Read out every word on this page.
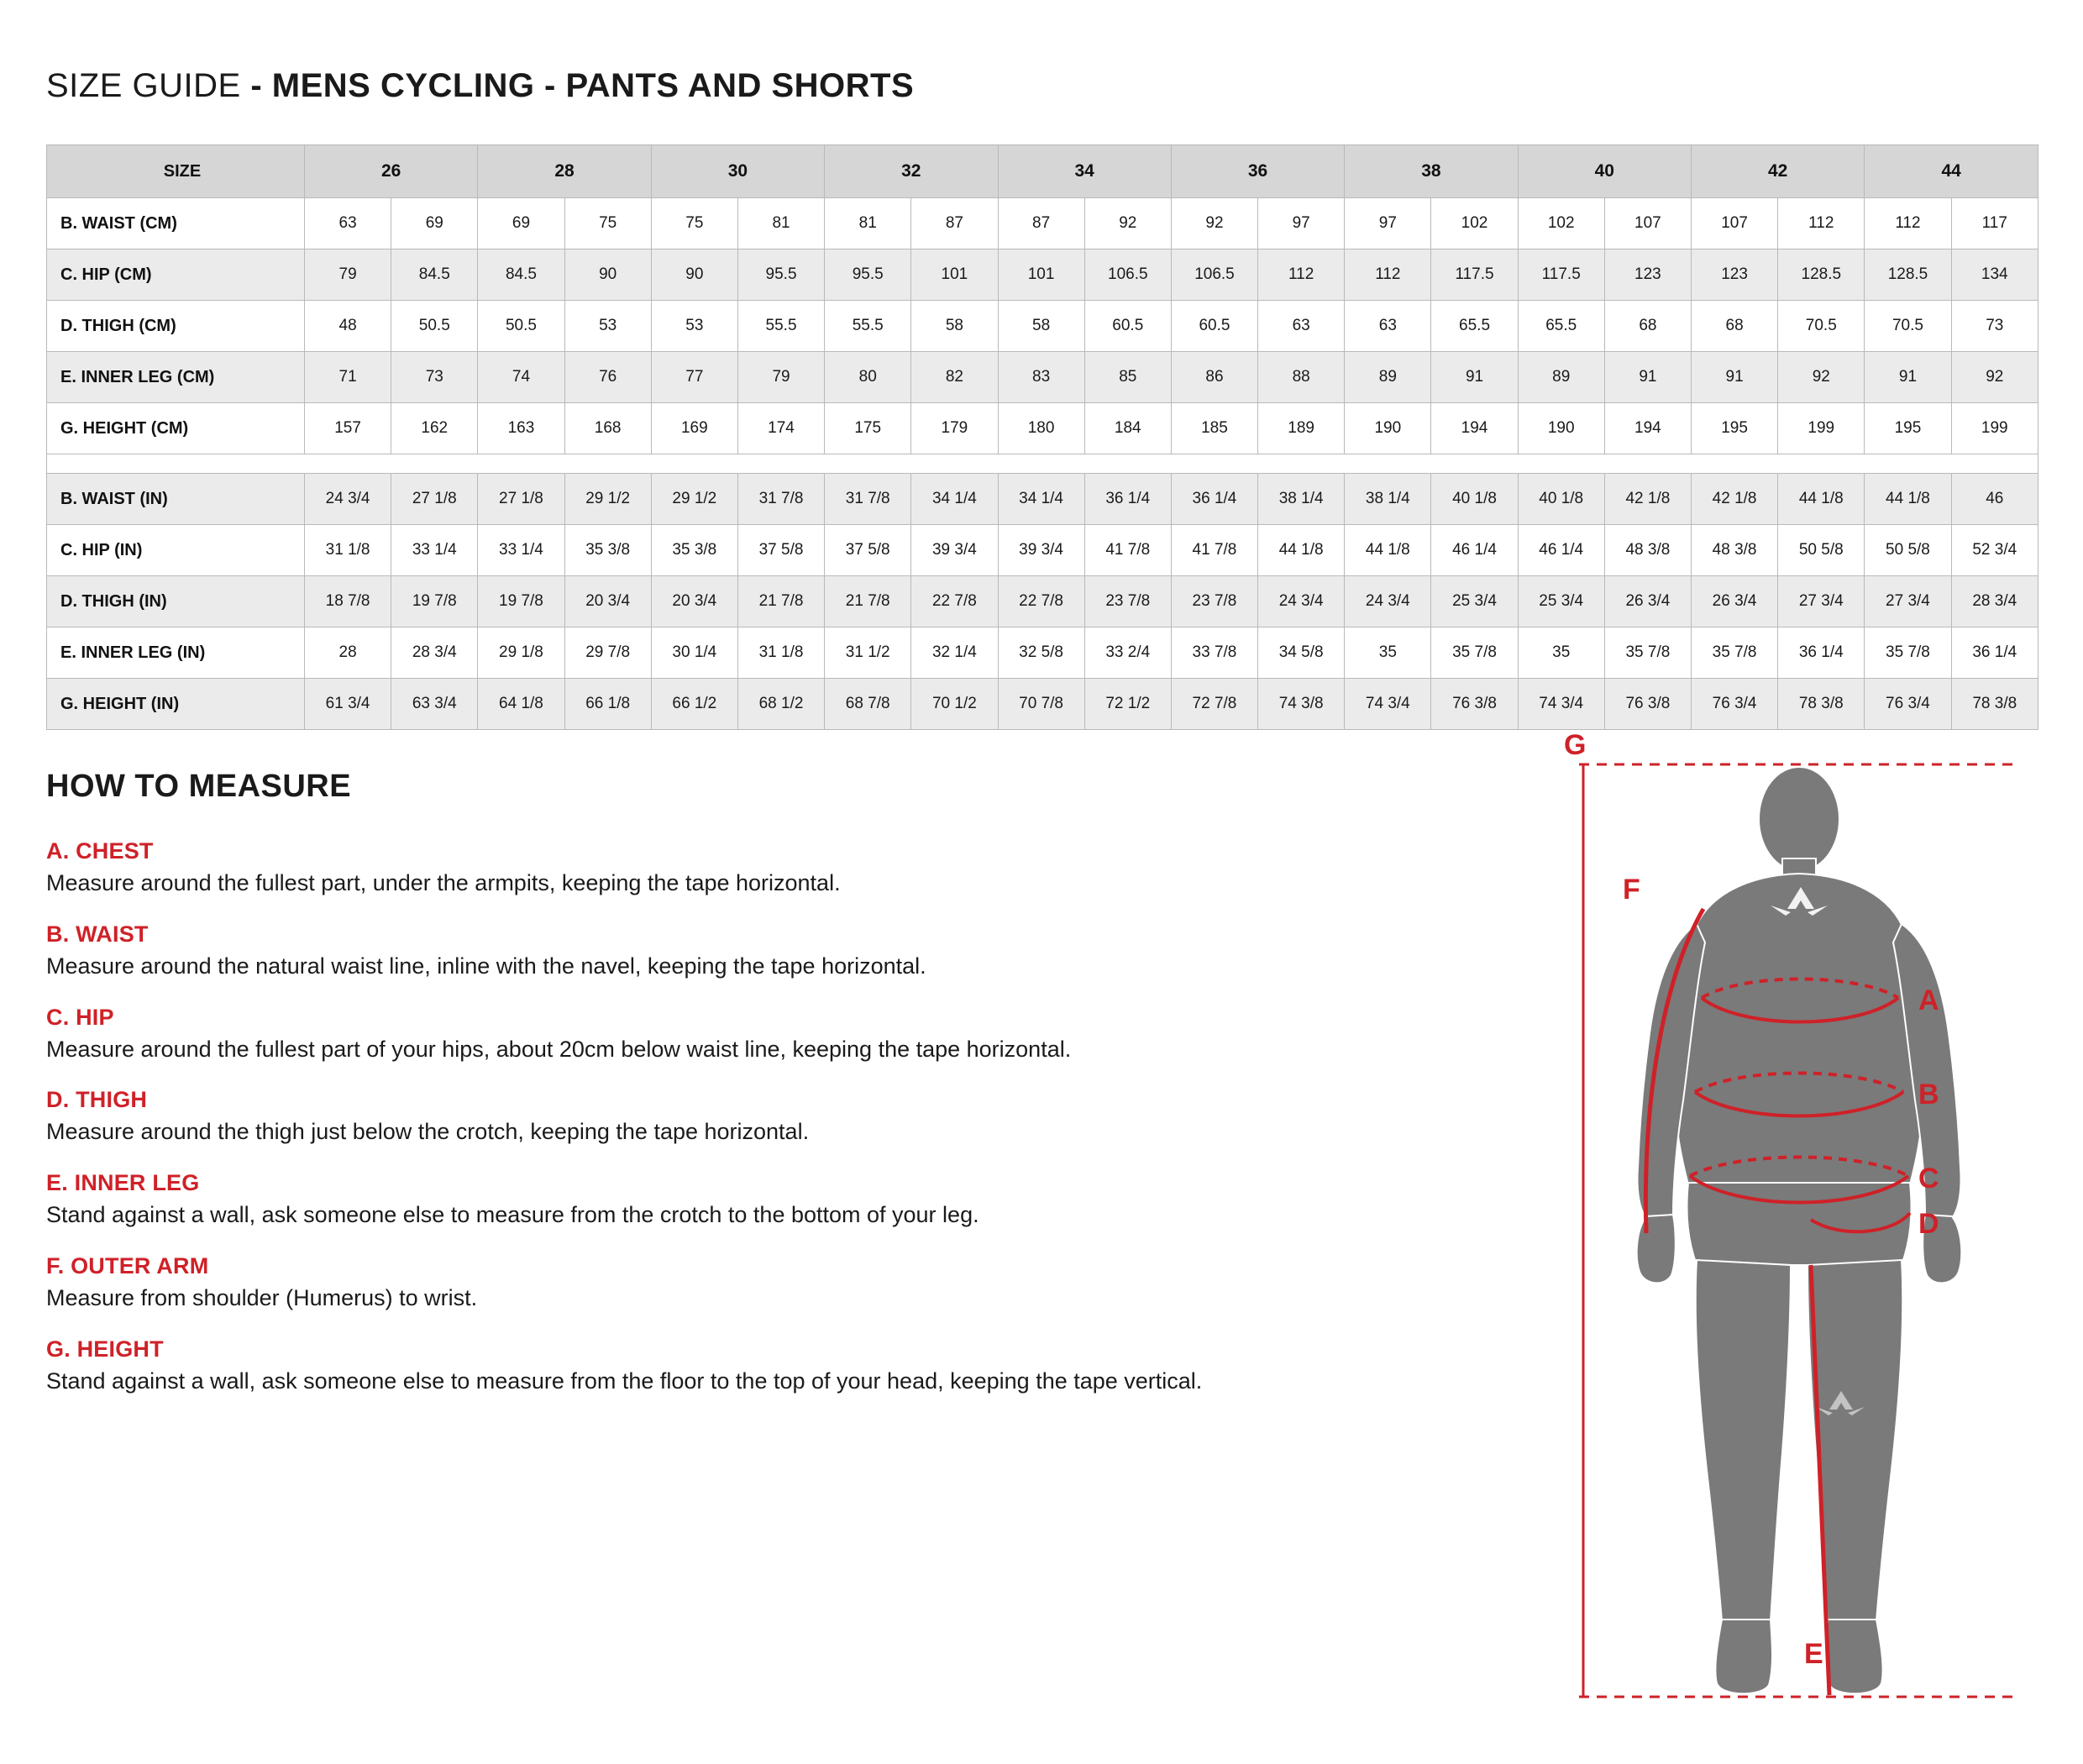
SIZE GUIDE - MENS CYCLING - PANTS AND SHORTS
SIZE	26		28		30		32		34		36		38		40		42		44	
B. WAIST (CM)	63	69	69	75	75	81	81	87	87	92	92	97	97	102	102	107	107	112	112	117
C. HIP (CM)	79	84.5	84.5	90	90	95.5	95.5	101	101	106.5	106.5	112	112	117.5	117.5	123	123	128.5	128.5	134
D. THIGH (CM)	48	50.5	50.5	53	53	55.5	55.5	58	58	60.5	60.5	63	63	65.5	65.5	68	68	70.5	70.5	73
E. INNER LEG (CM)	71	73	74	76	77	79	80	82	83	85	86	88	89	91	89	91	91	92	91	92
G. HEIGHT (CM)	157	162	163	168	169	174	175	179	180	184	185	189	190	194	190	194	195	199	195	199

B. WAIST (IN)	24 3/4	27 1/8	27 1/8	29 1/2	29 1/2	31 7/8	31 7/8	34 1/4	34 1/4	36 1/4	36 1/4	38 1/4	38 1/4	40 1/8	40 1/8	42 1/8	42 1/8	44 1/8	44 1/8	46
C. HIP (IN)	31 1/8	33 1/4	33 1/4	35 3/8	35 3/8	37 5/8	37 5/8	39 3/4	39 3/4	41 7/8	41 7/8	44 1/8	44 1/8	46 1/4	46 1/4	48 3/8	48 3/8	50 5/8	50 5/8	52 3/4
D. THIGH (IN)	18 7/8	19 7/8	19 7/8	20 3/4	20 3/4	21 7/8	21 7/8	22 7/8	22 7/8	23 7/8	23 7/8	24 3/4	24 3/4	25 3/4	25 3/4	26 3/4	26 3/4	27 3/4	27 3/4	28 3/4
E. INNER LEG (IN)	28	28 3/4	29 1/8	29 7/8	30 1/4	31 1/8	31 1/2	32 1/4	32 5/8	33 2/4	33 7/8	34 5/8	35	35 7/8	35	35 7/8	35 7/8	36 1/4	35 7/8	36 1/4
G. HEIGHT (IN)	61 3/4	63 3/4	64 1/8	66 1/8	66 1/2	68 1/2	68 7/8	70 1/2	70 7/8	72 1/2	72 7/8	74 3/8	74 3/4	76 3/8	74 3/4	76 3/8	76 3/4	78 3/8	76 3/4	78 3/8
HOW TO MEASURE
A. CHEST
Measure around the fullest part, under the armpits, keeping the tape horizontal.
B. WAIST
Measure around the natural waist line, inline with the navel, keeping the tape horizontal.
C. HIP
Measure around the fullest part of your hips, about 20cm below waist line, keeping the tape horizontal.
D. THIGH
Measure around the thigh just below the crotch, keeping the tape horizontal.
E. INNER LEG
Stand against a wall, ask someone else to measure from the crotch to the bottom of your leg.
F. OUTER ARM
Measure from shoulder (Humerus) to wrist.
G. HEIGHT
Stand against a wall, ask someone else to measure from the floor to the top of your head, keeping the tape vertical.
G
F
A
B
C
D
E
